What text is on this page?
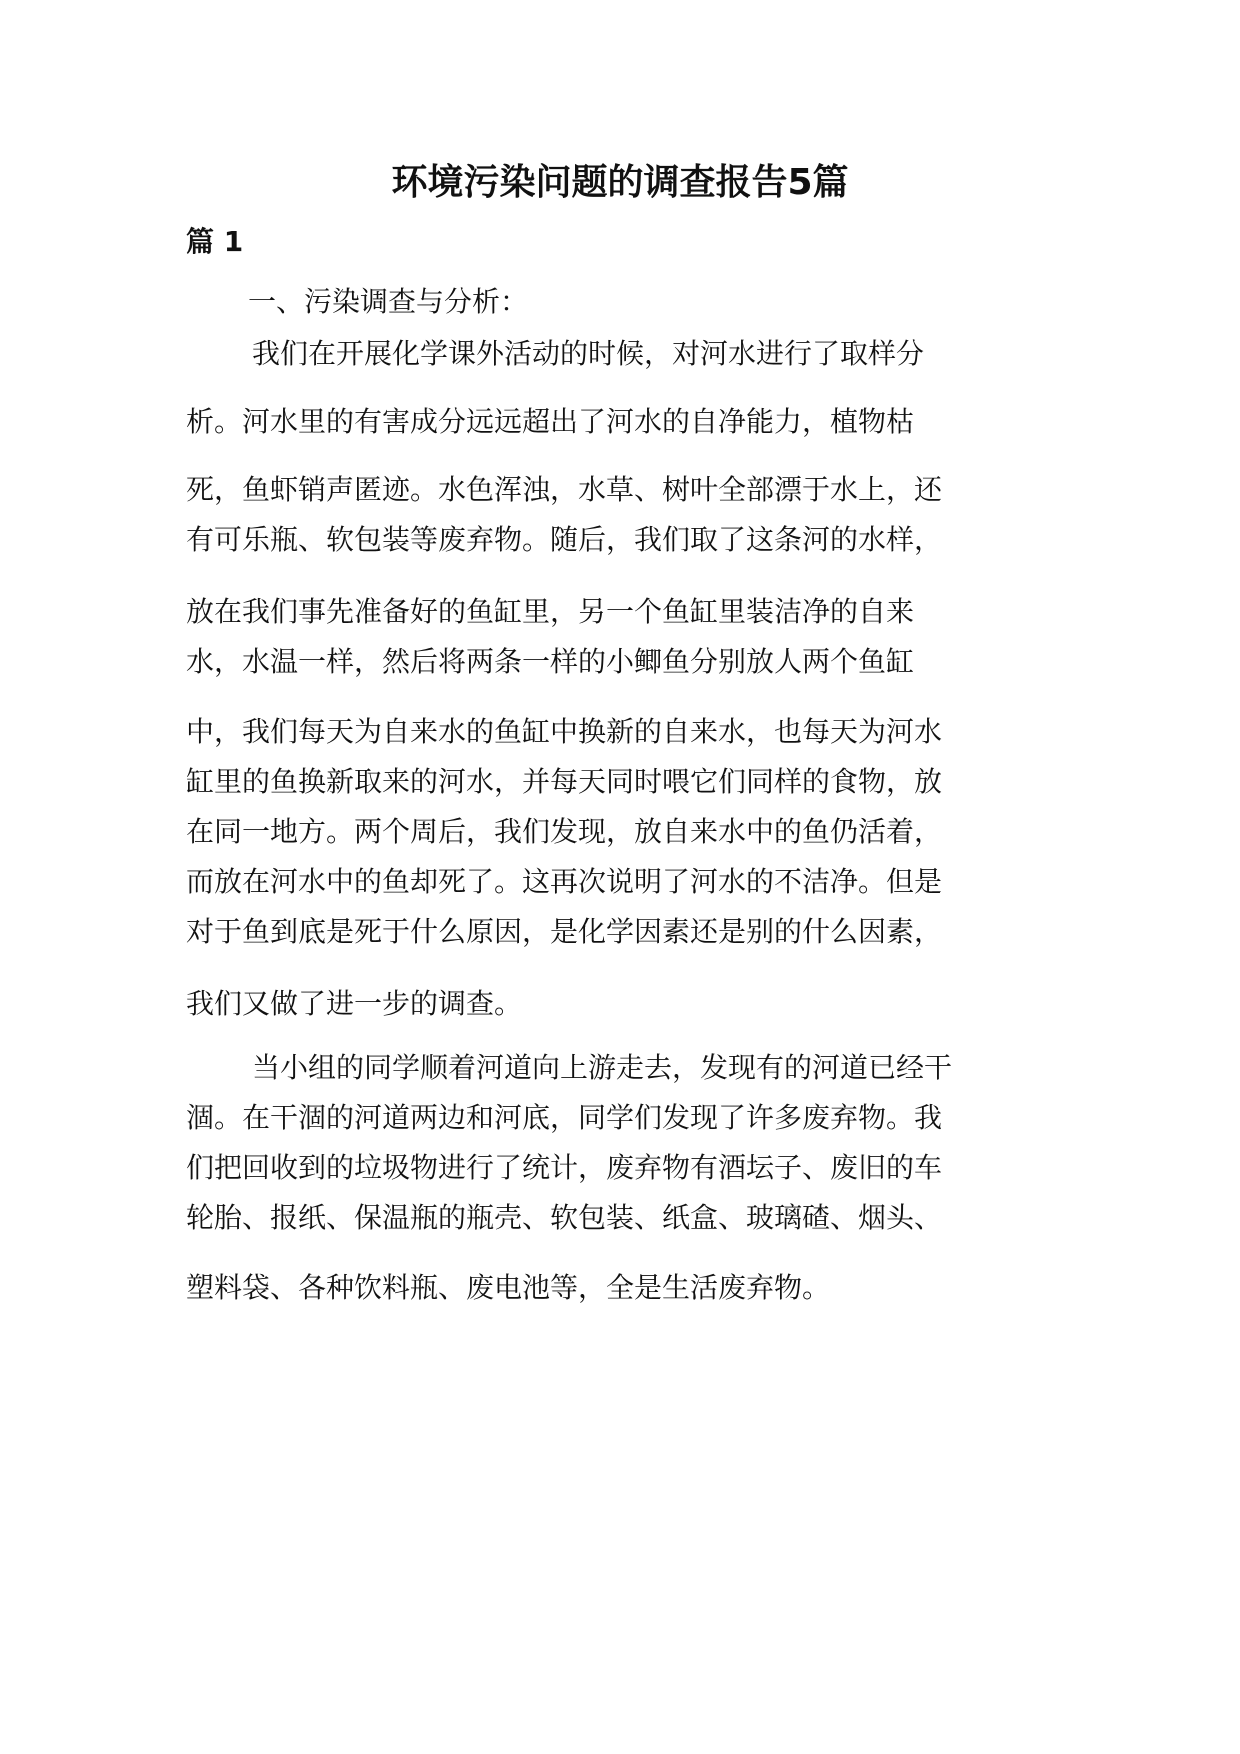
环境污染问题的调查报告5篇
篇 1
一、污染调查与分析：
我们在开展化学课外活动的时候，对河水进行了取样分
析。河水里的有害成分远远超出了河水的自净能力，植物枯
死，鱼虾销声匿迹。水色浑浊，水草、树叶全部漂于水上，还
有可乐瓶、软包装等废弃物。随后，我们取了这条河的水样，
放在我们事先准备好的鱼缸里，另一个鱼缸里装洁净的自来
水，水温一样，然后将两条一样的小鲫鱼分别放人两个鱼缸
中，我们每天为自来水的鱼缸中换新的自来水，也每天为河水
缸里的鱼换新取来的河水，并每天同时喂它们同样的食物，放
在同一地方。两个周后，我们发现，放自来水中的鱼仍活着，
而放在河水中的鱼却死了。这再次说明了河水的不洁净。但是
对于鱼到底是死于什么原因，是化学因素还是别的什么因素，
我们又做了进一步的调查。
当小组的同学顺着河道向上游走去，发现有的河道已经干
涸。在干涸的河道两边和河底，同学们发现了许多废弃物。我
们把回收到的垃圾物进行了统计，废弃物有酒坛子、废旧的车
轮胎、报纸、保温瓶的瓶壳、软包装、纸盒、玻璃碴、烟头、
塑料袋、各种饮料瓶、废电池等，全是生活废弃物。
